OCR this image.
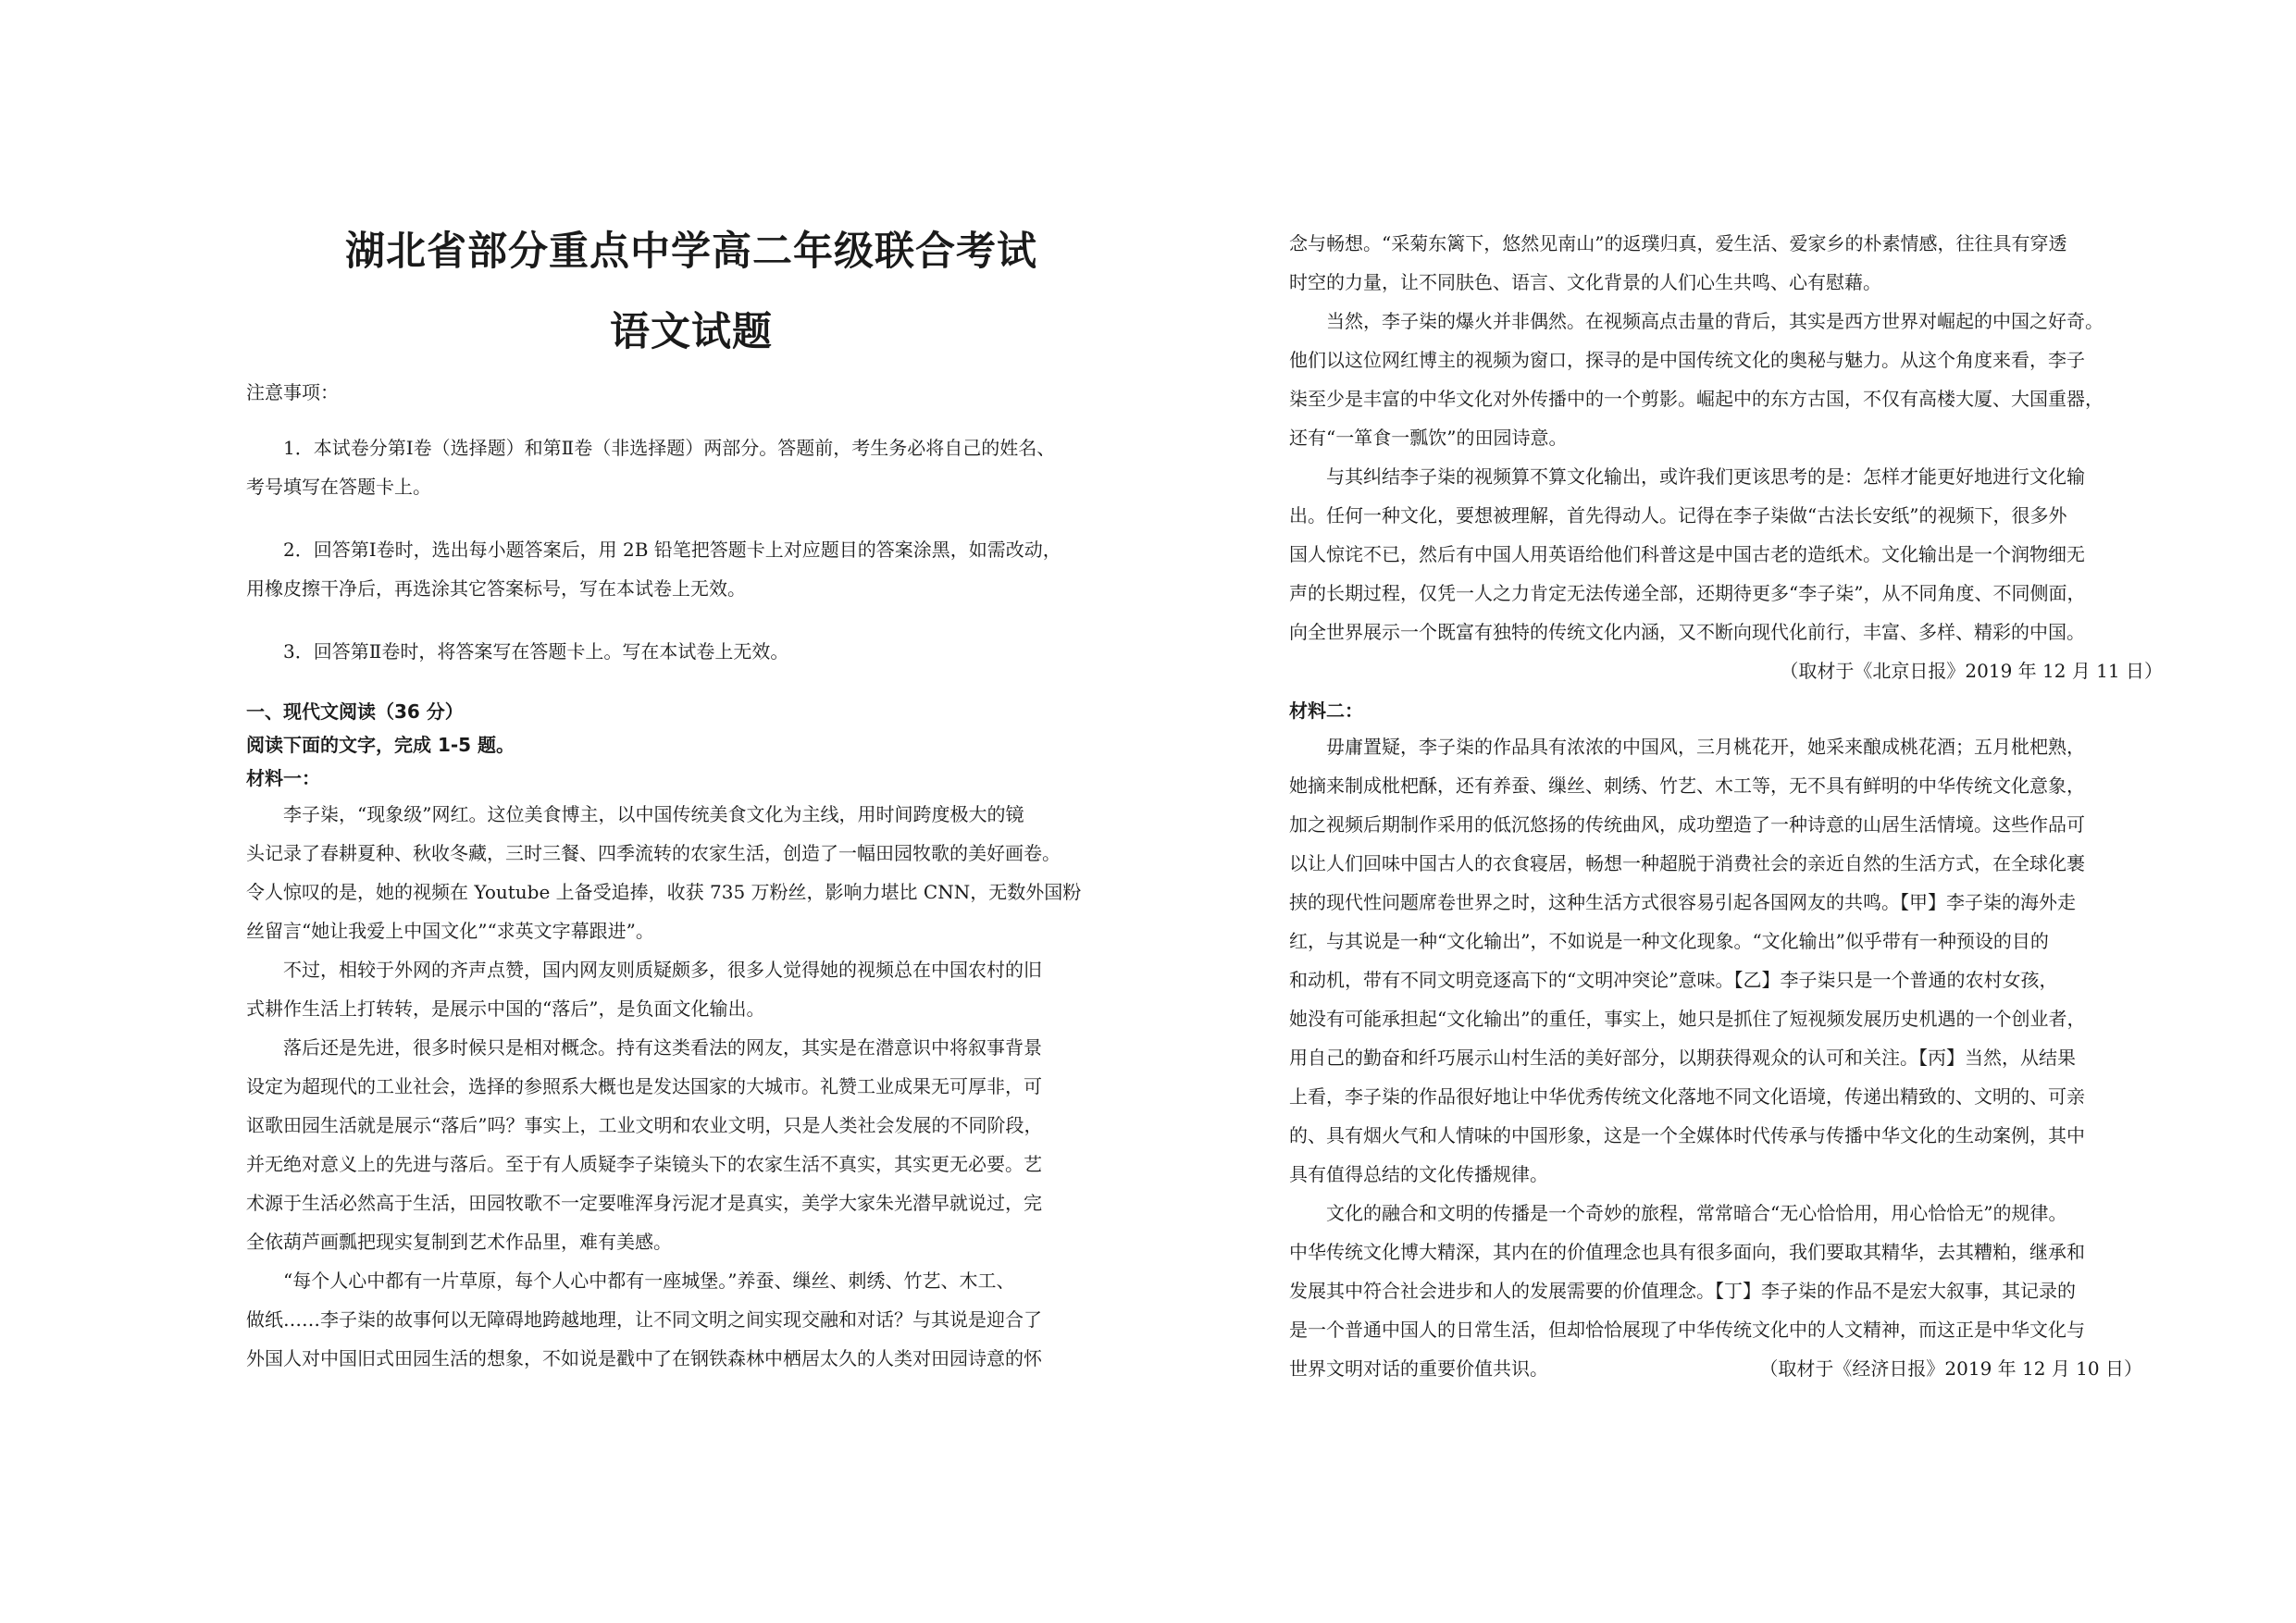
湖北省部分重点中学高二年级联合考试
语文试题

注意事项：

1．本试卷分第Ⅰ卷（选择题）和第Ⅱ卷（非选择题）两部分。答题前，考生务必将自己的姓名、

考号填写在答题卡上。

2．回答第Ⅰ卷时，选出每小题答案后，用 2B 铅笔把答题卡上对应题目的答案涂黑，如需改动，

用橡皮擦干净后，再选涂其它答案标号，写在本试卷上无效。

3．回答第Ⅱ卷时，将答案写在答题卡上。写在本试卷上无效。

一、现代文阅读（36 分）

阅读下面的文字，完成 1-5 题。

材料一：

李子柒，“现象级”网红。这位美食博主，以中国传统美食文化为主线，用时间跨度极大的镜

头记录了春耕夏种、秋收冬藏，三时三餐、四季流转的农家生活，创造了一幅田园牧歌的美好画卷。

令人惊叹的是，她的视频在 Youtube 上备受追捧，收获 735 万粉丝，影响力堪比 CNN，无数外国粉

丝留言“她让我爱上中国文化”“求英文字幕跟进”。

不过，相较于外网的齐声点赞，国内网友则质疑颇多，很多人觉得她的视频总在中国农村的旧

式耕作生活上打转转，是展示中国的“落后”，是负面文化输出。

落后还是先进，很多时候只是相对概念。持有这类看法的网友，其实是在潜意识中将叙事背景

设定为超现代的工业社会，选择的参照系大概也是发达国家的大城市。礼赞工业成果无可厚非，可

讴歌田园生活就是展示“落后”吗？事实上，工业文明和农业文明，只是人类社会发展的不同阶段，

并无绝对意义上的先进与落后。至于有人质疑李子柒镜头下的农家生活不真实，其实更无必要。艺

术源于生活必然高于生活，田园牧歌不一定要唯浑身污泥才是真实，美学大家朱光潜早就说过，完

全依葫芦画瓢把现实复制到艺术作品里，难有美感。

“每个人心中都有一片草原，每个人心中都有一座城堡。”养蚕、缫丝、刺绣、竹艺、木工、

做纸……李子柒的故事何以无障碍地跨越地理，让不同文明之间实现交融和对话？与其说是迎合了

外国人对中国旧式田园生活的想象，不如说是戳中了在钢铁森林中栖居太久的人类对田园诗意的怀

念与畅想。“采菊东篱下，悠然见南山”的返璞归真，爱生活、爱家乡的朴素情感，往往具有穿透

时空的力量，让不同肤色、语言、文化背景的人们心生共鸣、心有慰藉。

当然，李子柒的爆火并非偶然。在视频高点击量的背后，其实是西方世界对崛起的中国之好奇。

他们以这位网红博主的视频为窗口，探寻的是中国传统文化的奥秘与魅力。从这个角度来看，李子

柒至少是丰富的中华文化对外传播中的一个剪影。崛起中的东方古国，不仅有高楼大厦、大国重器，

还有“一箪食一瓢饮”的田园诗意。

与其纠结李子柒的视频算不算文化输出，或许我们更该思考的是：怎样才能更好地进行文化输

出。任何一种文化，要想被理解，首先得动人。记得在李子柒做“古法长安纸”的视频下，很多外

国人惊诧不已，然后有中国人用英语给他们科普这是中国古老的造纸术。文化输出是一个润物细无

声的长期过程，仅凭一人之力肯定无法传递全部，还期待更多“李子柒”，从不同角度、不同侧面，

向全世界展示一个既富有独特的传统文化内涵，又不断向现代化前行，丰富、多样、精彩的中国。

（取材于《北京日报》2019 年 12 月 11 日）

材料二：

毋庸置疑，李子柒的作品具有浓浓的中国风，三月桃花开，她采来酿成桃花酒；五月枇杷熟，

她摘来制成枇杷酥，还有养蚕、缫丝、刺绣、竹艺、木工等，无不具有鲜明的中华传统文化意象，

加之视频后期制作采用的低沉悠扬的传统曲风，成功塑造了一种诗意的山居生活情境。这些作品可

以让人们回味中国古人的衣食寝居，畅想一种超脱于消费社会的亲近自然的生活方式，在全球化裹

挟的现代性问题席卷世界之时，这种生活方式很容易引起各国网友的共鸣。【甲】李子柒的海外走

红，与其说是一种“文化输出”，不如说是一种文化现象。“文化输出”似乎带有一种预设的目的

和动机，带有不同文明竞逐高下的“文明冲突论”意味。【乙】李子柒只是一个普通的农村女孩，

她没有可能承担起“文化输出”的重任，事实上，她只是抓住了短视频发展历史机遇的一个创业者，

用自己的勤奋和纤巧展示山村生活的美好部分，以期获得观众的认可和关注。【丙】当然，从结果

上看，李子柒的作品很好地让中华优秀传统文化落地不同文化语境，传递出精致的、文明的、可亲

的、具有烟火气和人情味的中国形象，这是一个全媒体时代传承与传播中华文化的生动案例，其中

具有值得总结的文化传播规律。

文化的融合和文明的传播是一个奇妙的旅程，常常暗合“无心恰恰用，用心恰恰无”的规律。

中华传统文化博大精深，其内在的价值理念也具有很多面向，我们要取其精华，去其糟粕，继承和

发展其中符合社会进步和人的发展需要的价值理念。【丁】李子柒的作品不是宏大叙事，其记录的

是一个普通中国人的日常生活，但却恰恰展现了中华传统文化中的人文精神，而这正是中华文化与

世界文明对话的重要价值共识。	（取材于《经济日报》2019 年 12 月 10 日）
